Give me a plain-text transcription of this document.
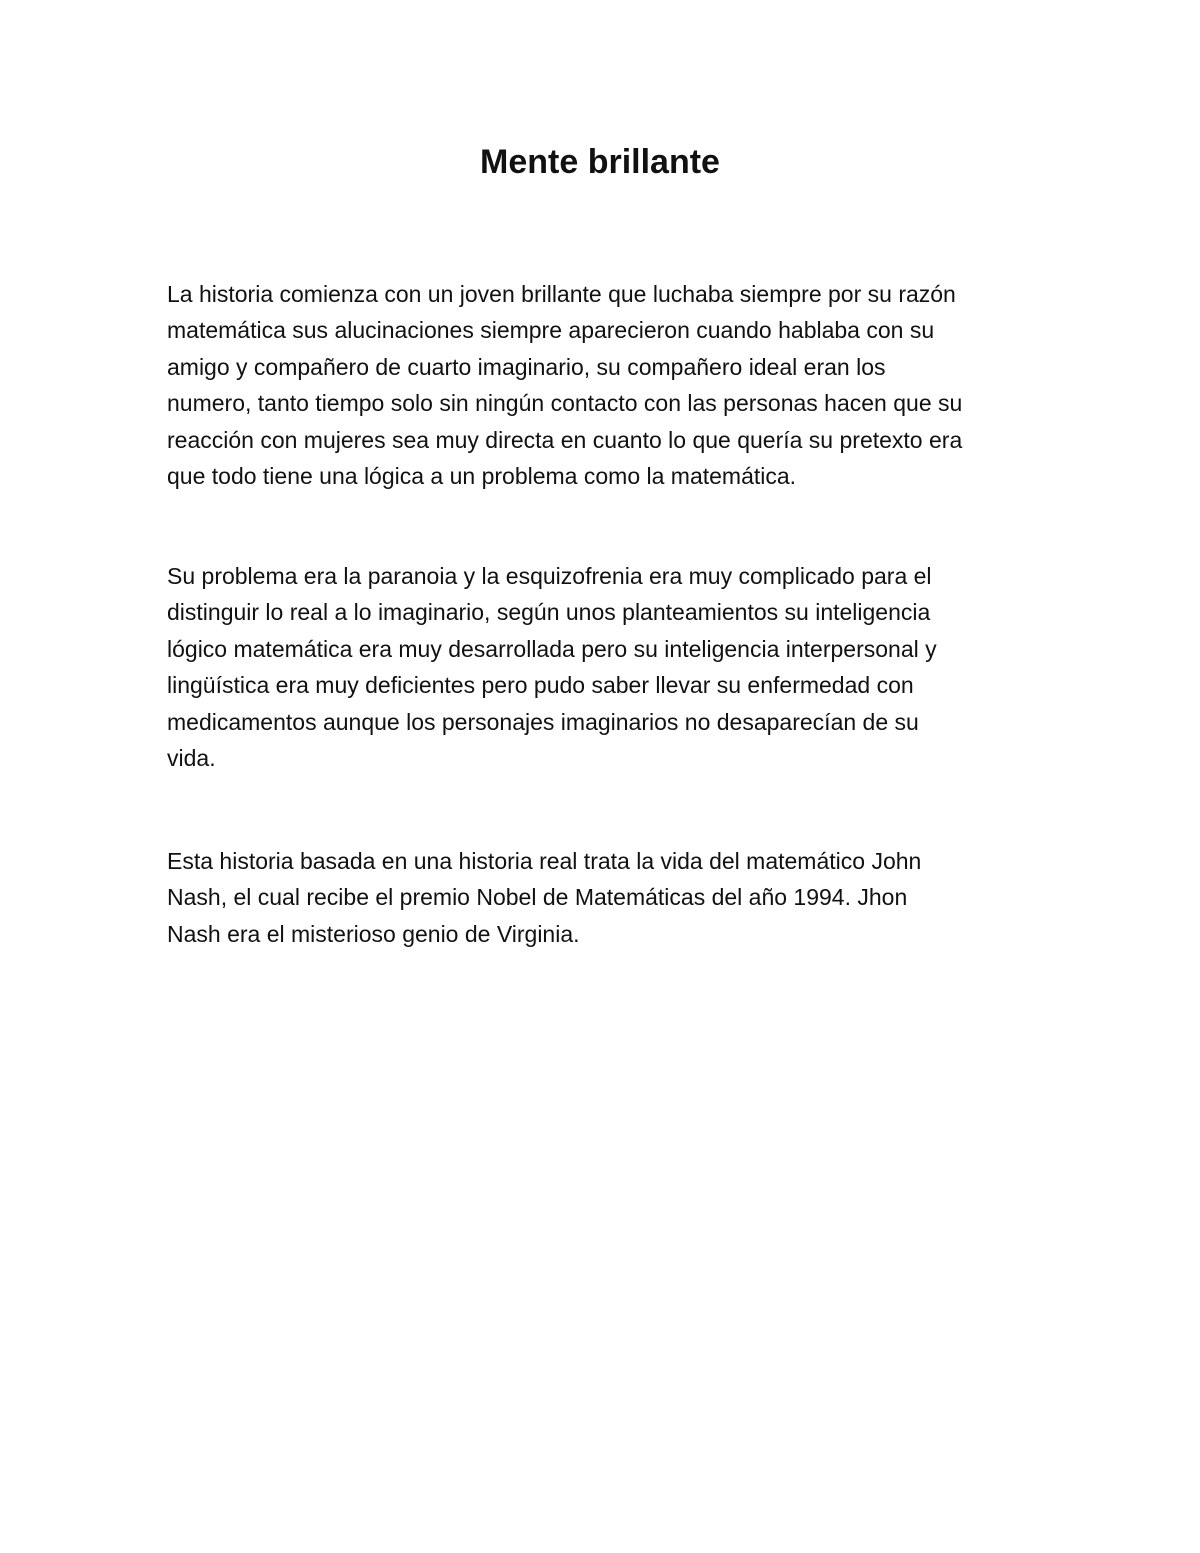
Mente brillante

La historia comienza con un joven brillante que luchaba siempre por su razón
matemática sus alucinaciones siempre aparecieron cuando hablaba con su
amigo y compañero de cuarto imaginario, su compañero ideal eran los
numero, tanto tiempo solo sin ningún contacto con las personas hacen que su
reacción con mujeres sea muy directa en cuanto lo que quería su pretexto era
que todo tiene una lógica a un problema como la matemática.

Su problema era la paranoia y la esquizofrenia era muy complicado para el
distinguir lo real a lo imaginario, según unos planteamientos su inteligencia
lógico matemática era muy desarrollada pero su inteligencia interpersonal y
lingüística era muy deficientes pero pudo saber llevar su enfermedad con
medicamentos aunque los personajes imaginarios no desaparecían de su
vida.

Esta historia basada en una historia real trata la vida del matemático John
Nash, el cual recibe el premio Nobel de Matemáticas del año 1994. Jhon
Nash era el misterioso genio de Virginia.
